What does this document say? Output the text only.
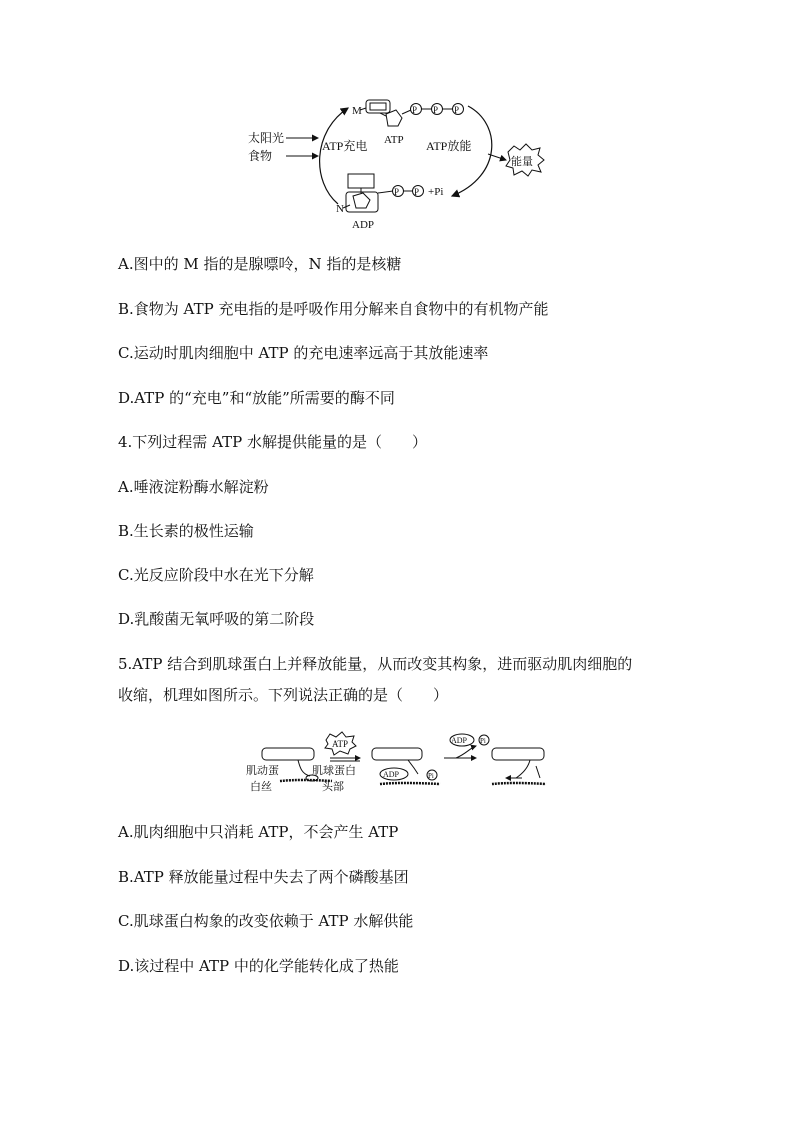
太阳光
食物
ATP充电
M	P P P
ATP ATP放能
能量
N
P P +Pi
ADP
A.图中的 M 指的是腺嘌呤，N 指的是核糖
B.食物为 ATP 充电指的是呼吸作用分解来自食物中的有机物产能
C.运动时肌肉细胞中 ATP 的充电速率远高于其放能速率
D.ATP 的“充电”和“放能”所需要的酶不同
4.下列过程需 ATP 水解提供能量的是（　　）
A.唾液淀粉酶水解淀粉
B.生长素的极性运输
C.光反应阶段中水在光下分解
D.乳酸菌无氧呼吸的第二阶段
5.ATP 结合到肌球蛋白上并释放能量，从而改变其构象，进而驱动肌肉细胞的
收缩，机理如图所示。下列说法正确的是（　　）
ATP
肌动蛋
白丝
肌球蛋白
头部
ADP	Pi
ADP Pi
A.肌肉细胞中只消耗 ATP，不会产生 ATP
B.ATP 释放能量过程中失去了两个磷酸基团
C.肌球蛋白构象的改变依赖于 ATP 水解供能
D.该过程中 ATP 中的化学能转化成了热能
